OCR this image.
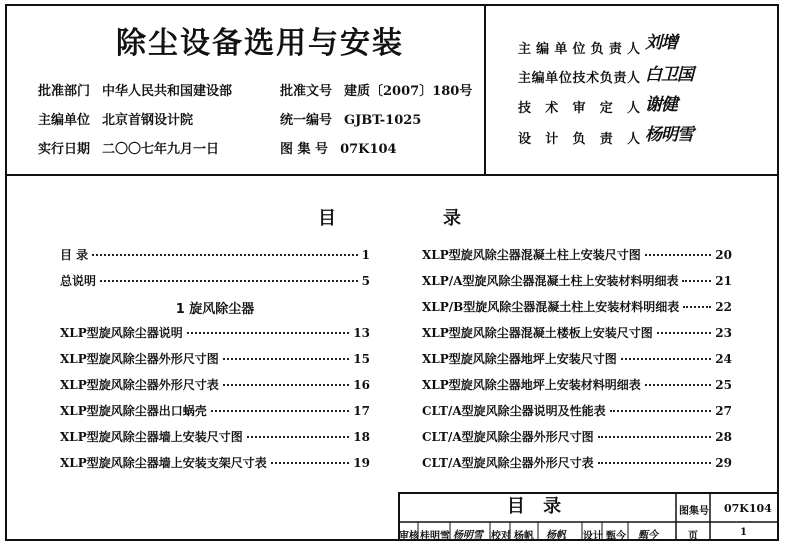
除尘设备选用与安装
批准部门 中华人民共和国建设部	批准文号 建质〔2007〕180号
主编单位 北京首钢设计院	统一编号 GJBT-1025
实行日期 二〇〇七年九月一日	图 集 号 07K104
主编单位负责人 刘增
主编单位技术负责人 白卫国
技术审定人 谢健
设计负责人 杨明雪
目	录
目 录	1
总说明	5
1 旋风除尘器
XLP型旋风除尘器说明	13
XLP型旋风除尘器外形尺寸图	15
XLP型旋风除尘器外形尺寸表	16
XLP型旋风除尘器出口蜗壳	17
XLP型旋风除尘器墙上安装尺寸图	18
XLP型旋风除尘器墙上安装支架尺寸表	19
XLP型旋风除尘器混凝土柱上安装尺寸图	20
XLP/A型旋风除尘器混凝土柱上安装材料明细表	21
XLP/B型旋风除尘器混凝土柱上安装材料明细表	22
XLP型旋风除尘器混凝土楼板上安装尺寸图	23
XLP型旋风除尘器地坪上安装尺寸图	24
XLP型旋风除尘器地坪上安装材料明细表	25
CLT/A型旋风除尘器说明及性能表	27
CLT/A型旋风除尘器外形尺寸图	28
CLT/A型旋风除尘器外形尺寸表	29
目 录	图集号 07K104
页	1
审核 桂明雪 杨明雪 校对 杨帆 杨帆 设计 甄今 甄今
